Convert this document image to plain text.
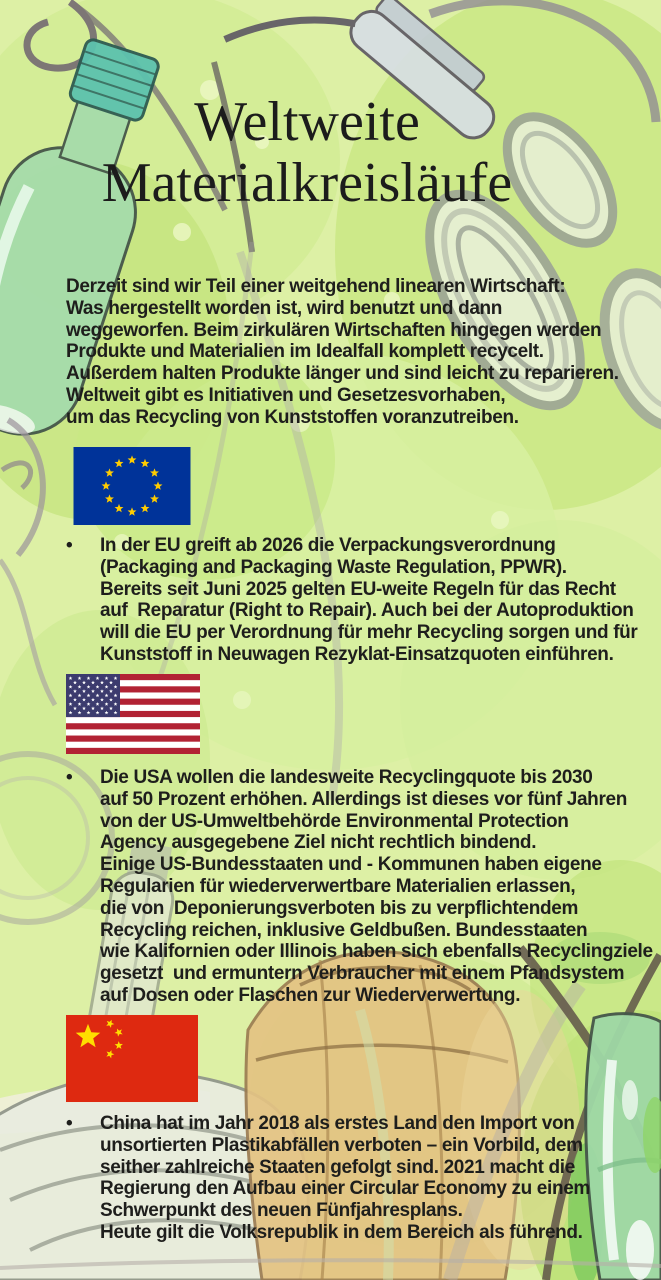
Weltweite
Materialkreisläufe
Derzeit sind wir Teil einer weitgehend linearen Wirtschaft:
Was hergestellt worden ist, wird benutzt und dann
weggeworfen. Beim zirkulären Wirtschaften hingegen werden
Produkte und Materialien im Idealfall komplett recycelt.
Außerdem halten Produkte länger und sind leicht zu reparieren.
Weltweit gibt es Initiativen und Gesetzesvorhaben,
um das Recycling von Kunststoffen voranzutreiben.
•	In der EU greift ab 2026 die Verpackungsverordnung
(Packaging and Packaging Waste Regulation, PPWR).
Bereits seit Juni 2025 gelten EU-weite Regeln für das Recht
auf  Reparatur (Right to Repair). Auch bei der Autoproduktion
will die EU per Verordnung für mehr Recycling sorgen und für
Kunststoff in Neuwagen Rezyklat-Einsatzquoten einführen.
•	Die USA wollen die landesweite Recyclingquote bis 2030
auf 50 Prozent erhöhen. Allerdings ist dieses vor fünf Jahren
von der US-Umweltbehörde Environmental Protection
Agency ausgegebene Ziel nicht rechtlich bindend.
Einige US-Bundesstaaten und - Kommunen haben eigene
Regularien für wiederverwertbare Materialien erlassen,
die von  Deponierungsverboten bis zu verpflichtendem
Recycling reichen, inklusive Geldbußen. Bundesstaaten
wie Kalifornien oder Illinois haben sich ebenfalls Recyclingziele
gesetzt  und ermuntern Verbraucher mit einem Pfandsystem
auf Dosen oder Flaschen zur Wiederverwertung.
•	China hat im Jahr 2018 als erstes Land den Import von
unsortierten Plastikabfällen verboten – ein Vorbild, dem
seither zahlreiche Staaten gefolgt sind. 2021 macht die
Regierung den Aufbau einer Circular Economy zu einem
Schwerpunkt des neuen Fünfjahresplans.
Heute gilt die Volksrepublik in dem Bereich als führend.
